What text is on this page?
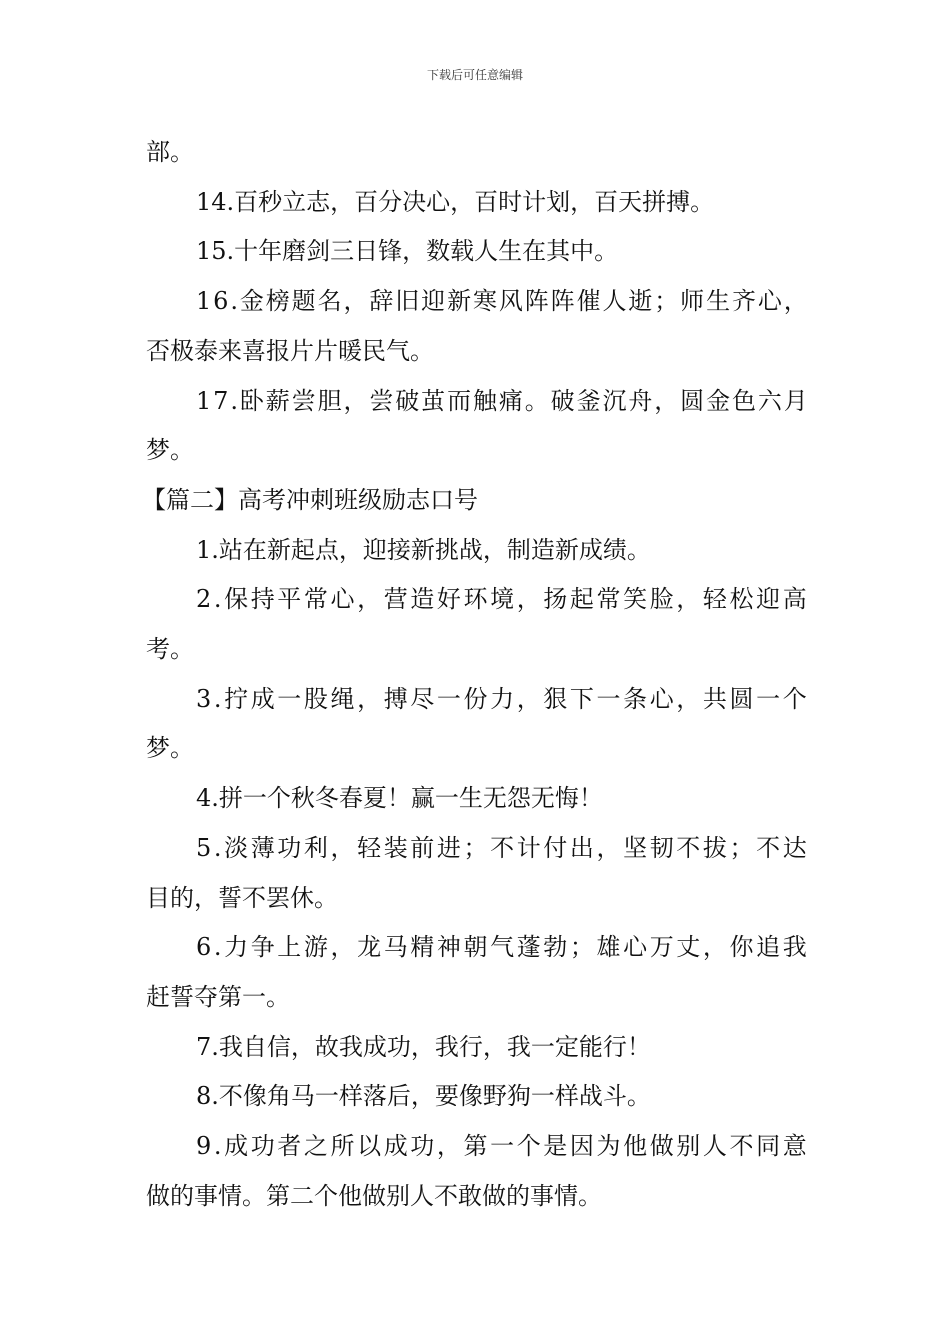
下载后可任意编辑
部。
14.百秒立志，百分决心，百时计划，百天拼搏。
15.十年磨剑三日锋，数载人生在其中。
16.金榜题名，辞旧迎新寒风阵阵催人逝；师生齐心，
否极泰来喜报片片暖民气。
17.卧薪尝胆，尝破茧而触痛。破釜沉舟，圆金色六月
梦。
【篇二】高考冲刺班级励志口号
1.站在新起点，迎接新挑战，制造新成绩。
2.保持平常心，营造好环境，扬起常笑脸，轻松迎高
考。
3.拧成一股绳，搏尽一份力，狠下一条心，共圆一个
梦。
4.拼一个秋冬春夏！赢一生无怨无悔！
5.淡薄功利，轻装前进；不计付出，坚韧不拔；不达
目的，誓不罢休。
6.力争上游，龙马精神朝气蓬勃；雄心万丈，你追我
赶誓夺第一。
7.我自信，故我成功，我行，我一定能行！
8.不像角马一样落后，要像野狗一样战斗。
9.成功者之所以成功，第一个是因为他做别人不同意
做的事情。第二个他做别人不敢做的事情。
